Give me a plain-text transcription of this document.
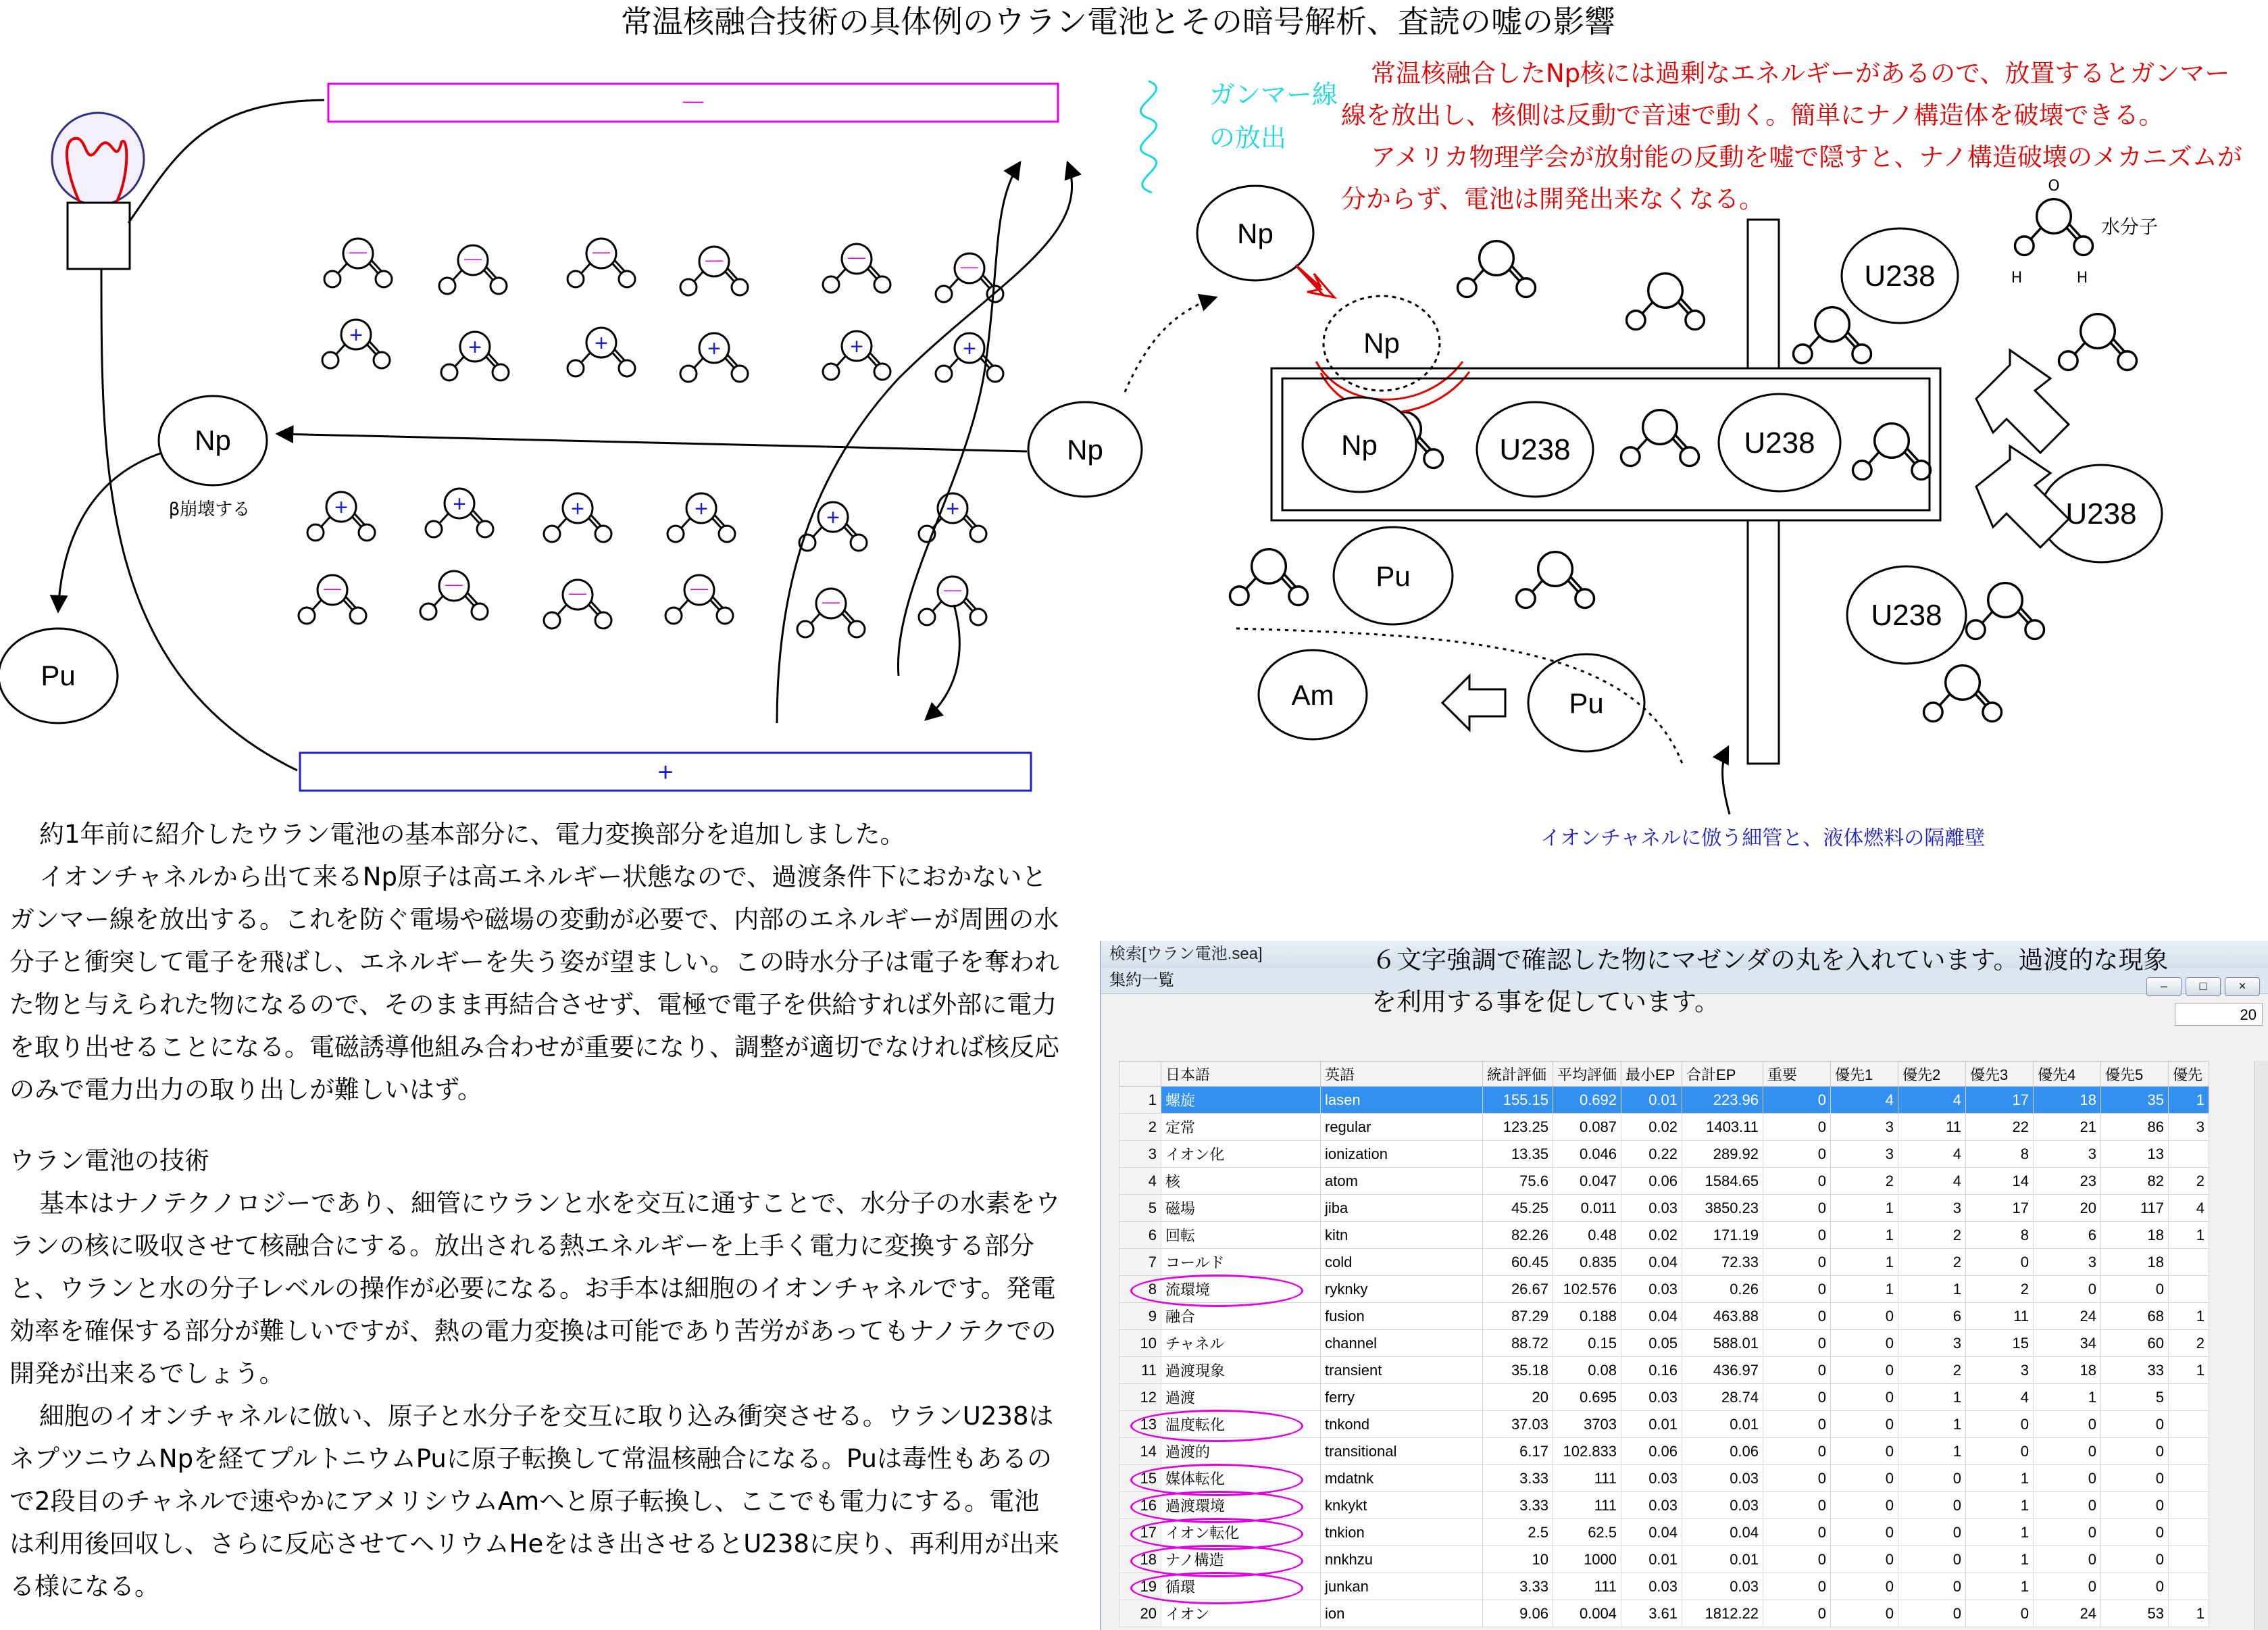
常温核融合技術の具体例のウラン電池とその暗号解析、査読の嘘の影響
－
+
－	－	－	－	－	－
+	+	+	+	+	+
+	+	+	+	+	+
－	－	－	－
－	－
Np
β崩壊する
Pu
Np
Np
Np
Np	U238	U238
U238
U238
U238
Pu
Pu
Am
O
H	H
水分子

常温核融合したNp核には過剰なエネルギーがあるので、放置するとガンマー線を放出し、核側は反動で音速で動く。簡単にナノ構造体を破壊できる。

アメリカ物理学会が放射能の反動を嘘で隠すと、ナノ構造破壊のメカニズムが分からず、電池は開発出来なくなる。

ガンマー線
の放出
イオンチャネルに倣う細管と、液体燃料の隔離壁

約1年前に紹介したウラン電池の基本部分に、電力変換部分を追加しました。

イオンチャネルから出て来るNp原子は高エネルギー状態なので、過渡条件下におかないとガンマー線を放出する。これを防ぐ電場や磁場の変動が必要で、内部のエネルギーが周囲の水分子と衝突して電子を飛ばし、エネルギーを失う姿が望ましい。この時水分子は電子を奪われた物と与えられた物になるので、そのまま再結合させず、電極で電子を供給すれば外部に電力を取り出せることになる。電磁誘導他組み合わせが重要になり、調整が適切でなければ核反応のみで電力出力の取り出しが難しいはず。

ウラン電池の技術

基本はナノテクノロジーであり、細管にウランと水を交互に通すことで、水分子の水素をウランの核に吸収させて核融合にする。放出される熱エネルギーを上手く電力に変換する部分と、ウランと水の分子レベルの操作が必要になる。お手本は細胞のイオンチャネルです。発電効率を確保する部分が難しいですが、熱の電力変換は可能であり苦労があってもナノテクでの開発が出来るでしょう。

細胞のイオンチャネルに倣い、原子と水分子を交互に取り込み衝突させる。ウランU238はネプツニウムNpを経てプルトニウムPuに原子転換して常温核融合になる。Puは毒性もあるので2段目のチャネルで速やかにアメリシウムAmへと原子転換し、ここでも電力にする。電池は利用後回収し、さらに反応させてヘリウムHeをはき出させるとU238に戻り、再利用が出来る様になる。

検索[ウラン電池.sea]
集約一覧	–	□	×
20
	日本語	英語	統計評価	平均評価	最小EP	合計EP	重要	優先1	優先2	優先3	優先4	優先5	優先
1	螺旋	lasen	155.15	0.692	0.01	223.96	0	4	4	17	18	35	1
2	定常	regular	123.25	0.087	0.02	1403.11	0	3	11	22	21	86	3
3	イオン化	ionization	13.35	0.046	0.22	289.92	0	3	4	8	3	13	
4	核	atom	75.6	0.047	0.06	1584.65	0	2	4	14	23	82	2
5	磁場	jiba	45.25	0.011	0.03	3850.23	0	1	3	17	20	117	4
6	回転	kitn	82.26	0.48	0.02	171.19	0	1	2	8	6	18	1
7	コールド	cold	60.45	0.835	0.04	72.33	0	1	2	0	3	18	
8	流環境	ryknky	26.67	102.576	0.03	0.26	0	1	1	2	0	0	
9	融合	fusion	87.29	0.188	0.04	463.88	0	0	6	11	24	68	1
10	チャネル	channel	88.72	0.15	0.05	588.01	0	0	3	15	34	60	2
11	過渡現象	transient	35.18	0.08	0.16	436.97	0	0	2	3	18	33	1
12	過渡	ferry	20	0.695	0.03	28.74	0	0	1	4	1	5	
13	温度転化	tnkond	37.03	3703	0.01	0.01	0	0	1	0	0	0	
14	過渡的	transitional	6.17	102.833	0.06	0.06	0	0	1	0	0	0	
15	媒体転化	mdatnk	3.33	111	0.03	0.03	0	0	0	1	0	0	
16	過渡環境	knkykt	3.33	111	0.03	0.03	0	0	0	1	0	0	
17	イオン転化	tnkion	2.5	62.5	0.04	0.04	0	0	0	1	0	0	
18	ナノ構造	nnkhzu	10	1000	0.01	0.01	0	0	0	1	0	0	
19	循環	junkan	3.33	111	0.03	0.03	0	0	0	1	0	0	
20	イオン	ion	9.06	0.004	3.61	1812.22	0	0	0	0	24	53	1
６文字強調で確認した物にマゼンダの丸を入れています。過渡的な現象を利用する事を促しています。
